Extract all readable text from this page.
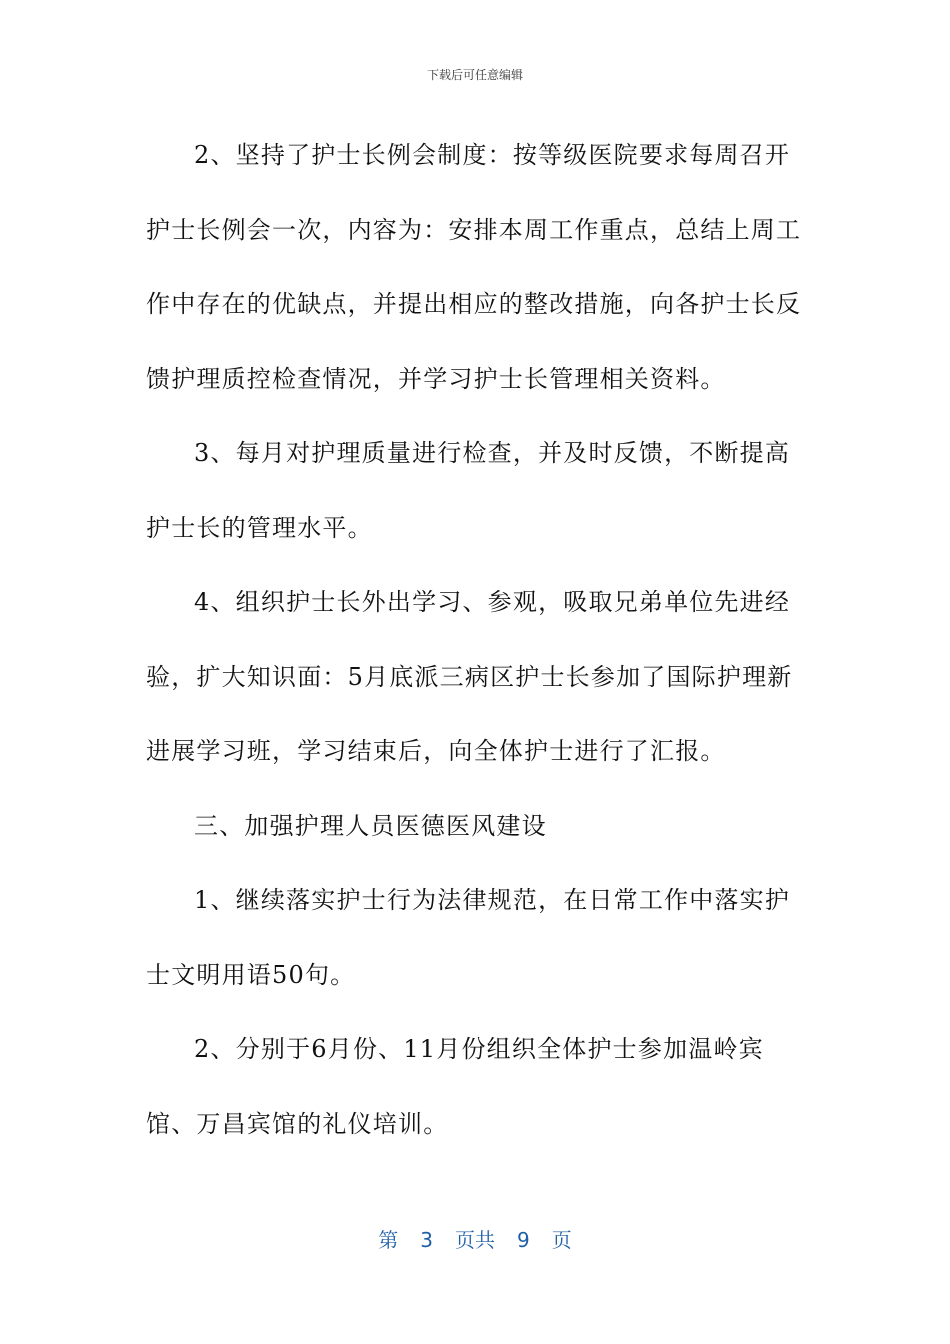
下载后可任意编辑

2、坚持了护士长例会制度：按等级医院要求每周召开护士长例会一次，内容为：安排本周工作重点，总结上周工作中存在的优缺点，并提出相应的整改措施，向各护士长反馈护理质控检查情况，并学习护士长管理相关资料。

3、每月对护理质量进行检查，并及时反馈，不断提高护士长的管理水平。

4、组织护士长外出学习、参观，吸取兄弟单位先进经验，扩大知识面：5月底派三病区护士长参加了国际护理新进展学习班，学习结束后，向全体护士进行了汇报。

三、加强护理人员医德医风建设

1、继续落实护士行为法律规范，在日常工作中落实护士文明用语50句。

2、分别于6月份、11月份组织全体护士参加温岭宾馆、万昌宾馆的礼仪培训。

第 3 页共 9 页
